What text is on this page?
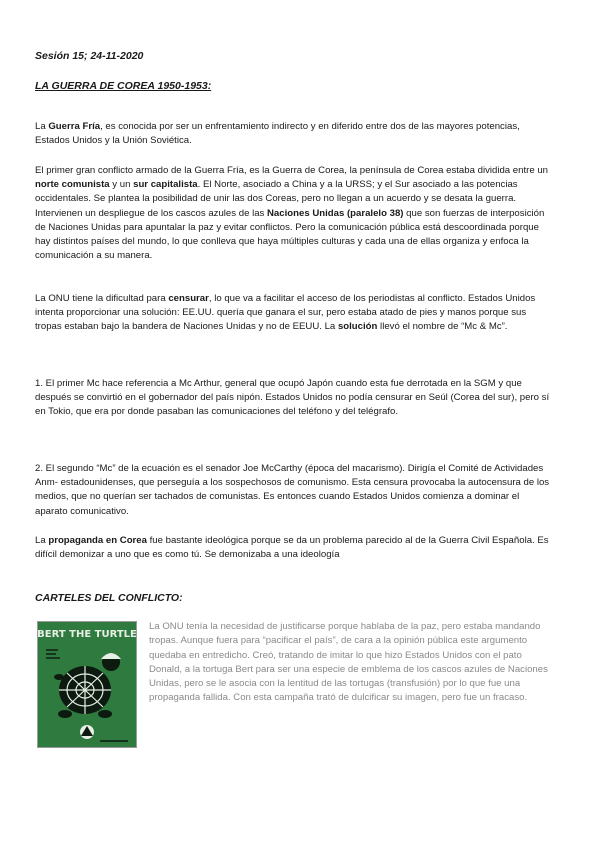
Sesión 15; 24-11-2020
LA GUERRA DE COREA 1950-1953:

La Guerra Fría, es conocida por ser un enfrentamiento indirecto y en diferido entre dos de las mayores potencias, Estados Unidos y la Unión Soviética.

El primer gran conflicto armado de la Guerra Fría, es la Guerra de Corea, la península de Corea estaba dividida entre un norte comunista y un sur capitalista. El Norte, asociado a China y a la URSS; y el Sur asociado a las potencias occidentales. Se plantea la posibilidad de unir las dos Coreas, pero no llegan a un acuerdo y se desata la guerra. Intervienen un despliegue de los cascos azules de las Naciones Unidas (paralelo 38) que son fuerzas de interposición de Naciones Unidas para apuntalar la paz y evitar conflictos. Pero la comunicación pública está descoordinada porque hay distintos países del mundo, lo que conlleva que haya múltiples culturas y cada una de ellas organiza y enfoca la comunicación a su manera.

La ONU tiene la dificultad para censurar, lo que va a facilitar el acceso de los periodistas al conflicto. Estados Unidos intenta proporcionar una solución: EE.UU. quería que ganara el sur, pero estaba atado de pies y manos porque sus tropas estaban bajo la bandera de Naciones Unidas y no de EEUU. La solución llevó el nombre de “Mc & Mc”.

1. El primer Mc hace referencia a Mc Arthur, general que ocupó Japón cuando esta fue derrotada en la SGM y que después se convirtió en el gobernador del país nipón. Estados Unidos no podía censurar en Seúl (Corea del sur), pero sí en Tokio, que era por donde pasaban las comunicaciones del teléfono y del telégrafo.

2. El segundo “Mc” de la ecuación es el senador Joe McCarthy (época del macarismo). Dirigía el Comité de Actividades Anm- estadounidenses, que perseguía a los sospechosos de comunismo. Esta censura provocaba la autocensura de los medios, que no querían ser tachados de comunistas. Es entonces cuando Estados Unidos comienza a dominar el aparato comunicativo.

La propaganda en Corea fue bastante ideológica porque se da un problema parecido al de la Guerra Civil Española. Es difícil demonizar a uno que es como tú. Se demonizaba a una ideología

CARTELES DEL CONFLICTO:
BERT THE TURTLE

La ONU tenía la necesidad de justificarse porque hablaba de la paz, pero estaba mandando tropas. Aunque fuera para “pacificar el país”, de cara a la opinión pública este argumento quedaba en entredicho. Creó, tratando de imitar lo que hizo Estados Unidos con el pato Donald, a la tortuga Bert para ser una especie de emblema de los cascos azules de Naciones Unidas, pero se le asocia con la lentitud de las tortugas (transfusión) por lo que fue una propaganda fallida. Con esta campaña trató de dulcificar su imagen, pero fue un fracaso.
